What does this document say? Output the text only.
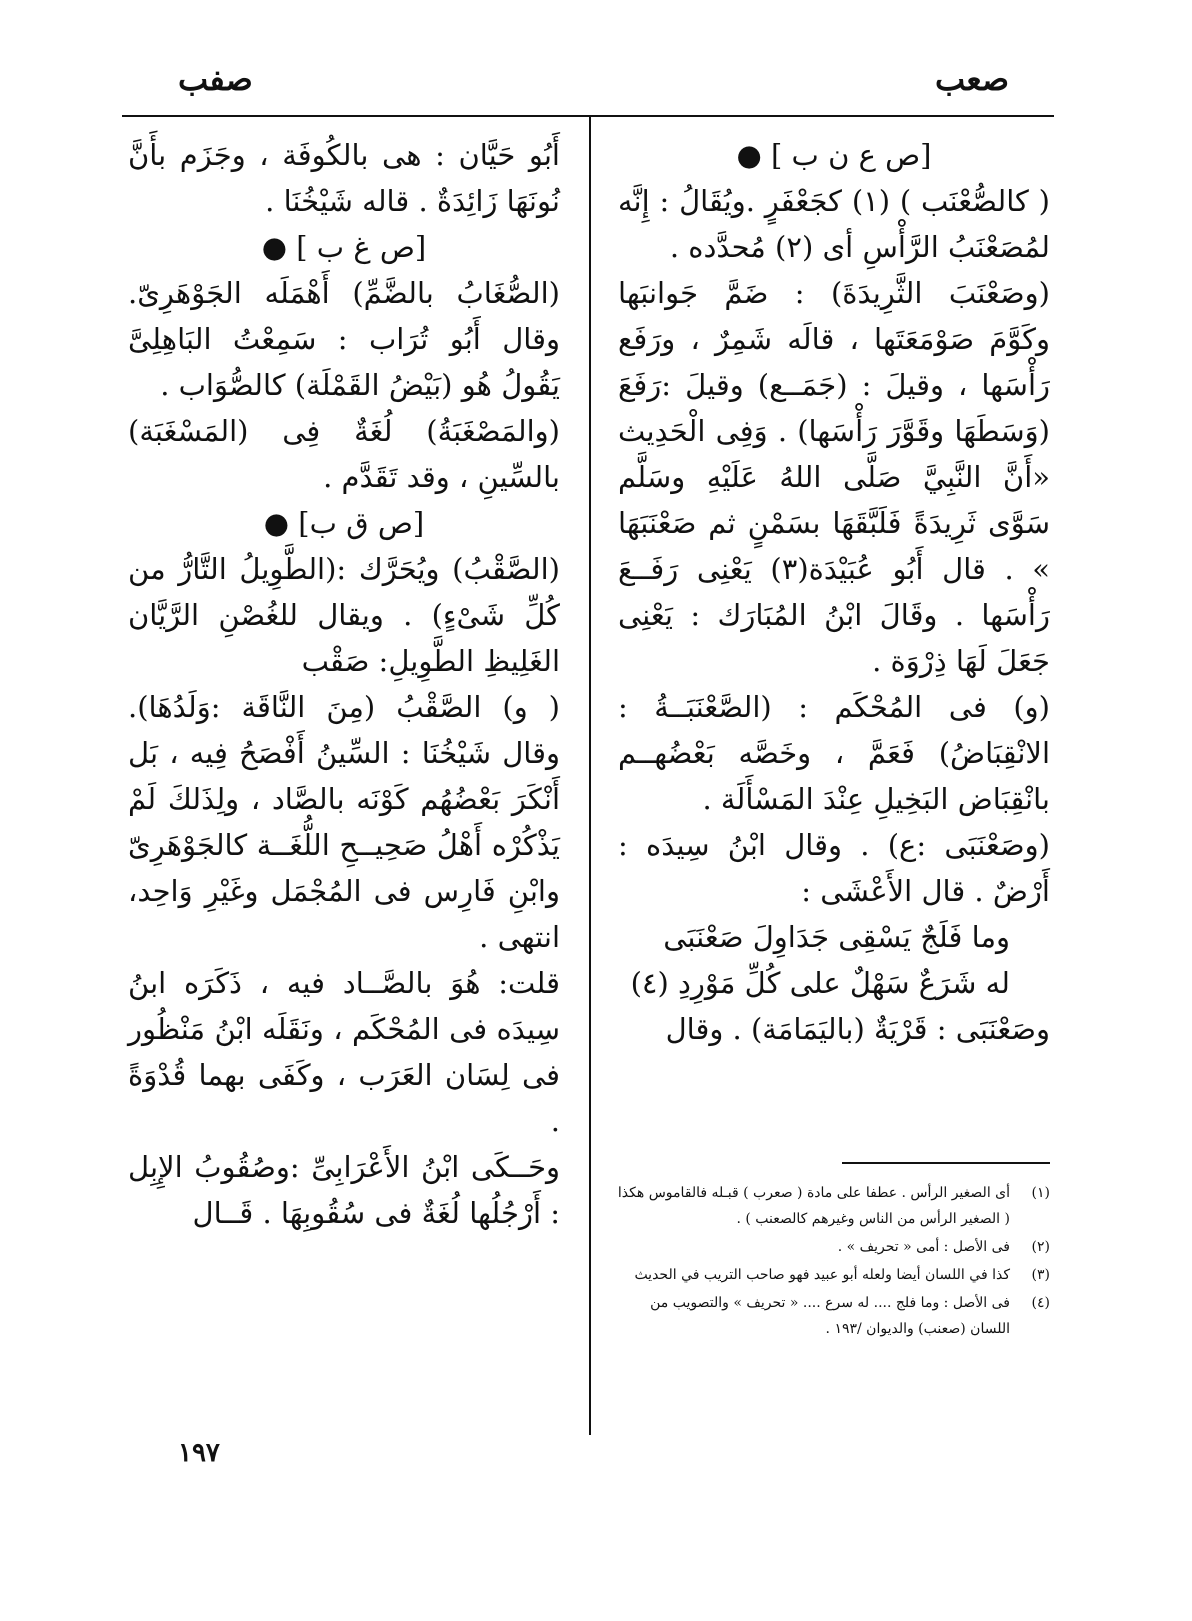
صفب	صعب

[ص ع ن ب ] ●

( كالصُّعْنَب ) (١) كجَعْفَرٍ .ويُقَالُ : إِنَّه لمُصَعْنَبُ الرَّأْسِ أى (٢) مُحدَّده .

(وصَعْنَبَ الثَّرِيدَةَ) : ضَمَّ جَوانبَها وكَوَّمَ صَوْمَعَتَها ، قالَه شَمِرٌ ، ورَفَع رَأْسَها ، وقيلَ : (جَمَــع) وقيلَ :رَفَعَ (وَسَطَهَا وقَوَّرَ رَأْسَها) . وَفِى الْحَدِيث «أَنَّ النَّبِيَّ صَلَّى اللهُ عَلَيْهِ وسَلَّم سَوَّى ثَرِيدَةً فَلَبَّقَهَا بسَمْنٍ ثم صَعْنَبَهَا » . قال أَبُو عُبَيْدَة(٣) يَعْنِى رَفَــعَ رَأْسَها . وقَالَ ابْنُ المُبَارَك : يَعْنِى جَعَلَ لَهَا ذِرْوَة .

(و) فى المُحْكَم : (الصَّعْنَبَــةُ : الانْقِبَاضُ) فَعَمَّ ، وخَصَّه بَعْضُهــم بانْقِبَاض البَخِيلِ عِنْدَ المَسْأَلَة .

(وصَعْنَبَى :ع) . وقال ابْنُ سِيدَه : أَرْضٌ . قال الأَعْشَى :

وما فَلَجٌ يَسْقِى جَدَاوِلَ صَعْنَبَى

له شَرَعٌ سَهْلٌ على كُلِّ مَوْرِدِ (٤)

وصَعْنَبَى : قَرْيَةٌ (باليَمَامَة) . وقال

أَبُو حَيَّان : هى بالكُوفَة ، وجَزَم بأَنَّ نُونَهَا زَائِدَةٌ . قاله شَيْخُنَا .

[ص غ ب ] ●

(الصُّغَابُ بالضَّمِّ) أَهْمَلَه الجَوْهَرِىّ. وقال أَبُو تُرَاب : سَمِعْتُ البَاهِلِىَّ يَقُولُ هُو (بَيْضُ القَمْلَة) كالصُّوَاب .

(والمَصْغَبَةُ) لُغَةٌ فِى (المَسْغَبَة) بالسِّينِ ، وقد تَقَدَّم .

[ص ق ب] ●

(الصَّقْبُ) ويُحَرَّك :(الطَّوِيلُ التَّارُّ من كُلِّ شَىْءٍ) . ويقال للغُصْنِ الرَّيَّان الغَلِيظِ الطَّوِيلِ: صَقْب

( و) الصَّقْبُ (مِنَ النَّاقَة :وَلَدُهَا). وقال شَيْخُنَا : السِّينُ أَفْصَحُ فِيه ، بَل أَنْكَرَ بَعْضُهُم كَوْنَه بالصَّاد ، ولِذَلكَ لَمْ يَذْكُرْه أَهْلُ صَحِيــحِ اللُّغَــة كالجَوْهَرِىّ وابْنِ فَارِس فى المُجْمَل وغَيْرِ وَاحِد، انتهى .

قلت: هُوَ بالصَّــاد فيه ، ذَكَرَه ابنُ سِيدَه فى المُحْكَم ، ونَقَلَه ابْنُ مَنْظُور فى لِسَان العَرَب ، وكَفَى بهما قُدْوَةً .

وحَــكَى ابْنُ الأَعْرَابِىِّ :وصُقُوبُ الإِبِل : أَرْجُلُها لُغَةٌ فى سُقُوبِهَا . قَــال

(١)
أى الصغير الرأس . عطفا على مادة ( صعرب ) قبـله فالقاموس هكذا ( الصغير الرأس من الناس وغيرهم كالصعنب ) .
(٢)
فى الأصل : أمى « تحريف » .
(٣)
كذا في اللسان أيضا ولعله أبو عبيد فهو صاحب التريب في الحديث
(٤)
فى الأصل : وما فلج .... له سرع .... « تحريف » والتصويب من اللسان (صعنب) والديوان /١٩٣ .
١٩٧
